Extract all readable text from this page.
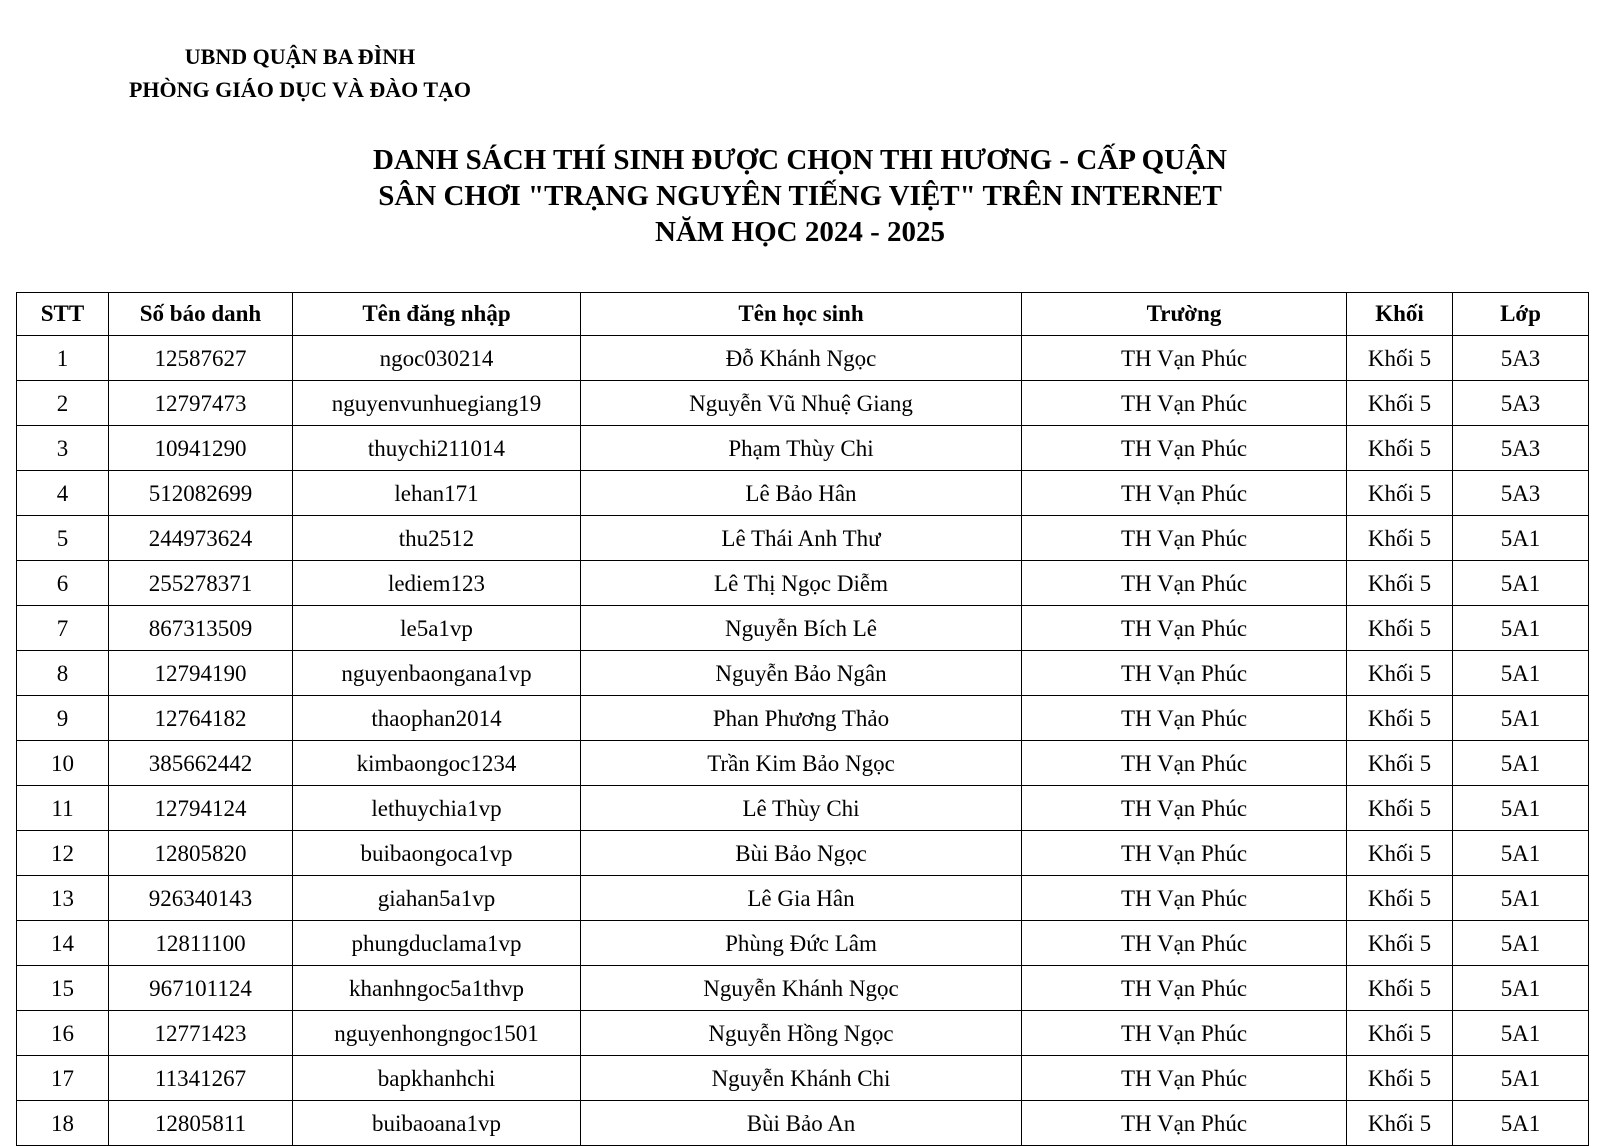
UBND QUẬN BA ĐÌNH
PHÒNG GIÁO DỤC VÀ ĐÀO TẠO
DANH SÁCH THÍ SINH ĐƯỢC CHỌN THI HƯƠNG - CẤP QUẬN
SÂN CHƠI "TRẠNG NGUYÊN TIẾNG VIỆT" TRÊN INTERNET
NĂM HỌC 2024 - 2025
STT	Số báo danh	Tên đăng nhập	Tên học sinh	Trường	Khối	Lớp
1	12587627	ngoc030214	Đỗ Khánh Ngọc	TH Vạn Phúc	Khối 5	5A3
2	12797473	nguyenvunhuegiang19	Nguyễn Vũ Nhuệ Giang	TH Vạn Phúc	Khối 5	5A3
3	10941290	thuychi211014	Phạm Thùy Chi	TH Vạn Phúc	Khối 5	5A3
4	512082699	lehan171	Lê Bảo Hân	TH Vạn Phúc	Khối 5	5A3
5	244973624	thu2512	Lê Thái Anh Thư	TH Vạn Phúc	Khối 5	5A1
6	255278371	lediem123	Lê Thị Ngọc Diễm	TH Vạn Phúc	Khối 5	5A1
7	867313509	le5a1vp	Nguyễn Bích Lê	TH Vạn Phúc	Khối 5	5A1
8	12794190	nguyenbaongana1vp	Nguyễn Bảo Ngân	TH Vạn Phúc	Khối 5	5A1
9	12764182	thaophan2014	Phan Phương Thảo	TH Vạn Phúc	Khối 5	5A1
10	385662442	kimbaongoc1234	Trần Kim Bảo Ngọc	TH Vạn Phúc	Khối 5	5A1
11	12794124	lethuychia1vp	Lê Thùy Chi	TH Vạn Phúc	Khối 5	5A1
12	12805820	buibaongoca1vp	Bùi Bảo Ngọc	TH Vạn Phúc	Khối 5	5A1
13	926340143	giahan5a1vp	Lê Gia Hân	TH Vạn Phúc	Khối 5	5A1
14	12811100	phungduclama1vp	Phùng Đức Lâm	TH Vạn Phúc	Khối 5	5A1
15	967101124	khanhngoc5a1thvp	Nguyễn Khánh Ngọc	TH Vạn Phúc	Khối 5	5A1
16	12771423	nguyenhongngoc1501	Nguyễn Hồng Ngọc	TH Vạn Phúc	Khối 5	5A1
17	11341267	bapkhanhchi	Nguyễn Khánh Chi	TH Vạn Phúc	Khối 5	5A1
18	12805811	buibaoana1vp	Bùi Bảo An	TH Vạn Phúc	Khối 5	5A1
